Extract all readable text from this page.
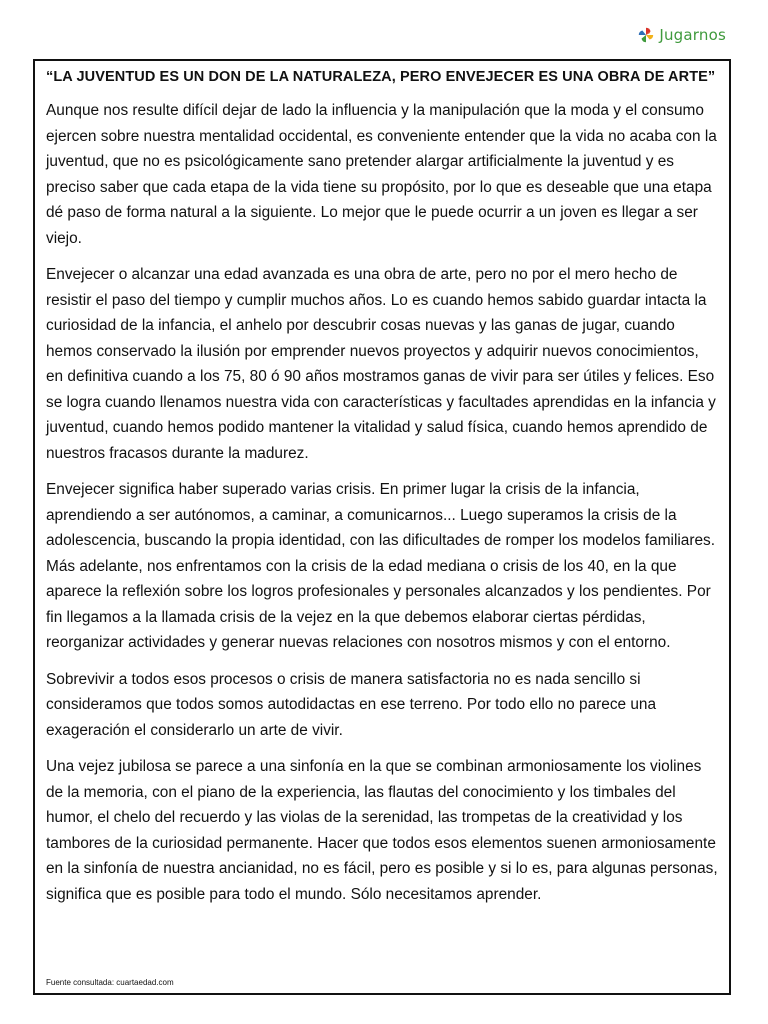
Jugarnos
“LA JUVENTUD ES UN DON DE LA NATURALEZA, PERO ENVEJECER ES UNA OBRA DE ARTE”

Aunque nos resulte difícil dejar de lado la influencia y la manipulación que la moda y el consumo ejercen sobre nuestra mentalidad occidental, es conveniente entender que la vida no acaba con la juventud, que no es psicológicamente sano pretender alargar artificialmente la juventud y es preciso saber que cada etapa de la vida tiene su propósito, por lo que es deseable que una etapa dé paso de forma natural a la siguiente. Lo mejor que le puede ocurrir a un joven es llegar a ser viejo.

Envejecer o alcanzar una edad avanzada es una obra de arte, pero no por el mero hecho de resistir el paso del tiempo y cumplir muchos años. Lo es cuando hemos sabido guardar intacta la curiosidad de la infancia, el anhelo por descubrir cosas nuevas y las ganas de jugar, cuando hemos conservado la ilusión por emprender nuevos proyectos y adquirir nuevos conocimientos, en definitiva cuando a los 75, 80 ó 90 años mostramos ganas de vivir para ser útiles y felices. Eso se logra cuando llenamos nuestra vida con características y facultades aprendidas en la infancia y juventud, cuando hemos podido mantener la vitalidad y salud física, cuando hemos aprendido de nuestros fracasos durante la madurez.

Envejecer significa haber superado varias crisis. En primer lugar la crisis de la infancia, aprendiendo a ser autónomos, a caminar, a comunicarnos... Luego superamos la crisis de la adolescencia, buscando la propia identidad, con las dificultades de romper los modelos familiares. Más adelante, nos enfrentamos con la crisis de la edad mediana o crisis de los 40, en la que aparece la reflexión sobre los logros profesionales y personales alcanzados y los pendientes. Por fin llegamos a la llamada crisis de la vejez en la que debemos elaborar ciertas pérdidas, reorganizar actividades y generar nuevas relaciones con nosotros mismos y con el entorno.

Sobrevivir a todos esos procesos o crisis de manera satisfactoria no es nada sencillo si consideramos que todos somos autodidactas en ese terreno. Por todo ello no parece una exageración el considerarlo un arte de vivir.

Una vejez jubilosa se parece a una sinfonía en la que se combinan armoniosamente los violines de la memoria, con el piano de la experiencia, las flautas del conocimiento y los timbales del humor, el chelo del recuerdo y las violas de la serenidad, las trompetas de la creatividad y los tambores de la curiosidad permanente. Hacer que todos esos elementos suenen armoniosamente en la sinfonía de nuestra ancianidad, no es fácil, pero es posible y si lo es, para algunas personas, significa que es posible para todo el mundo. Sólo necesitamos aprender.

Fuente consultada: cuartaedad.com
